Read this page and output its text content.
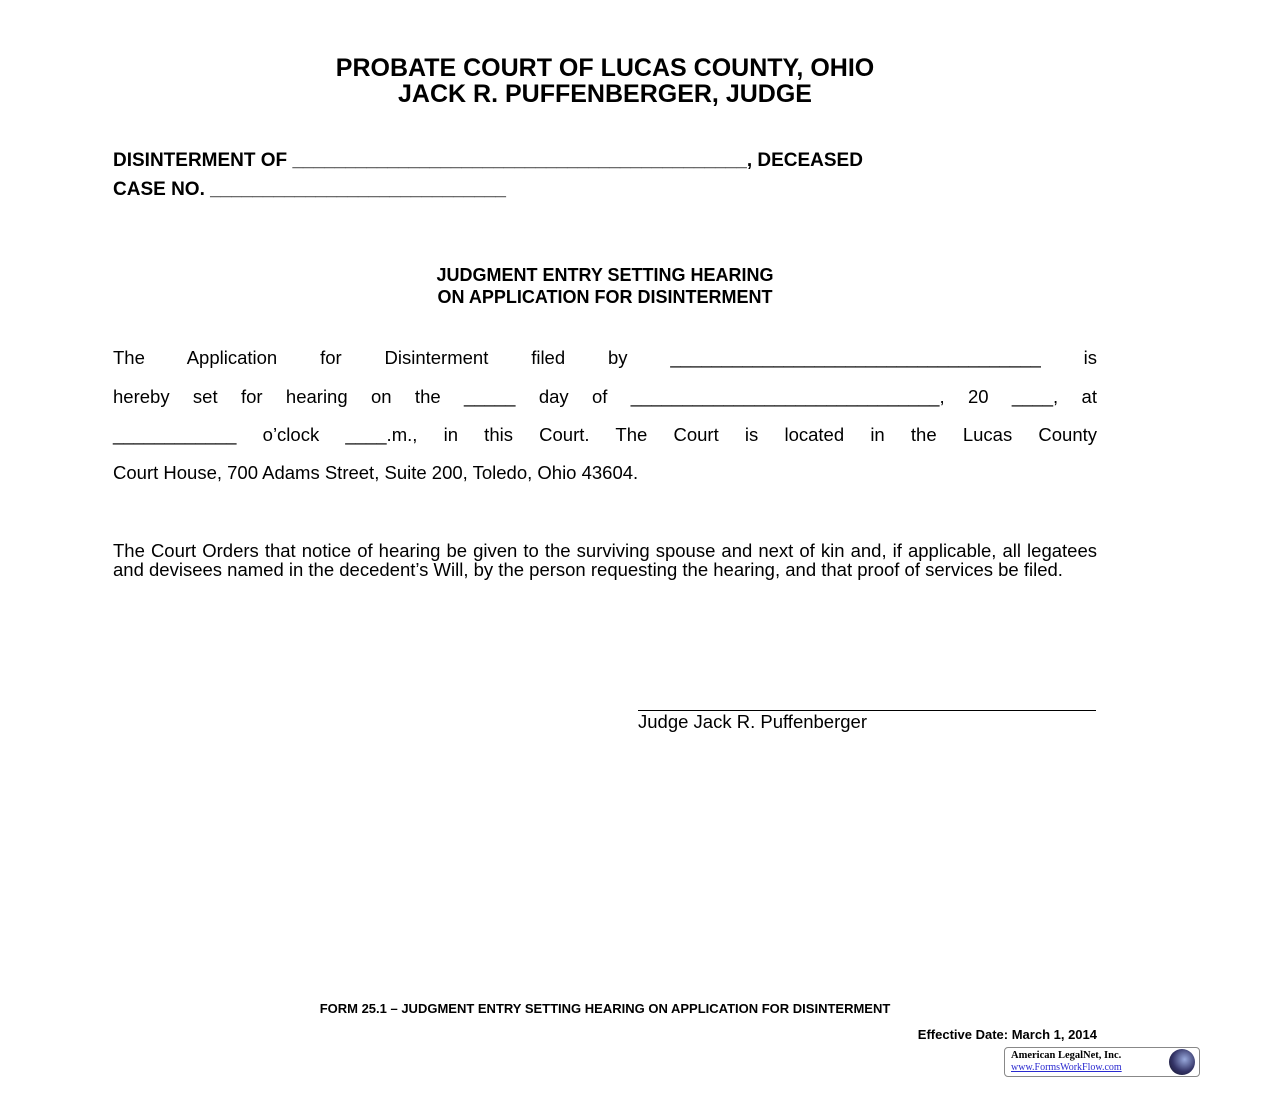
PROBATE COURT OF LUCAS COUNTY, OHIO
JACK R. PUFFENBERGER, JUDGE
DISINTERMENT OF ___________________________________________, DECEASED
CASE NO. ____________________________
JUDGMENT ENTRY SETTING HEARING
ON APPLICATION FOR DISINTERMENT
The Application for Disinterment filed by ____________________________________ is
hereby set for hearing on the _____ day of ______________________________, 20 ____, at
____________ o’clock ____.m., in this Court. The Court is located in the Lucas County
Court House, 700 Adams Street, Suite 200, Toledo, Ohio 43604.
The Court Orders that notice of hearing be given to the surviving spouse and next of kin and, if applicable, all legatees and devisees named in the decedent’s Will, by the person requesting the hearing, and that proof of services be filed.
Judge Jack R. Puffenberger
FORM 25.1 – JUDGMENT ENTRY SETTING HEARING ON APPLICATION FOR DISINTERMENT
Effective Date: March 1, 2014
American LegalNet, Inc.
www.FormsWorkFlow.com
